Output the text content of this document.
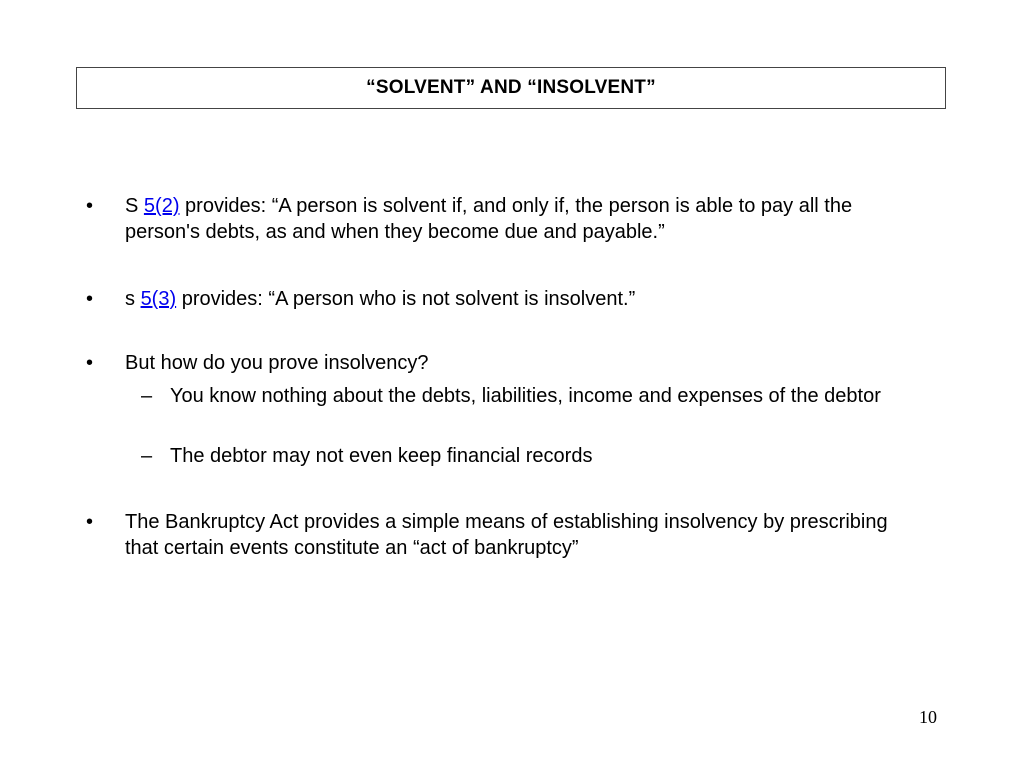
“SOLVENT” AND “INSOLVENT”
• S 5(2) provides: “A person is solvent if, and only if, the person is able to pay all the person's debts, as and when they become due and payable.”
• s 5(3) provides: “A person who is not solvent is insolvent.”
• But how do you prove insolvency?
– You know nothing about the debts, liabilities, income and expenses of the debtor
– The debtor may not even keep financial records
• The Bankruptcy Act provides a simple means of establishing insolvency by prescribing that certain events constitute an “act of bankruptcy”
10
